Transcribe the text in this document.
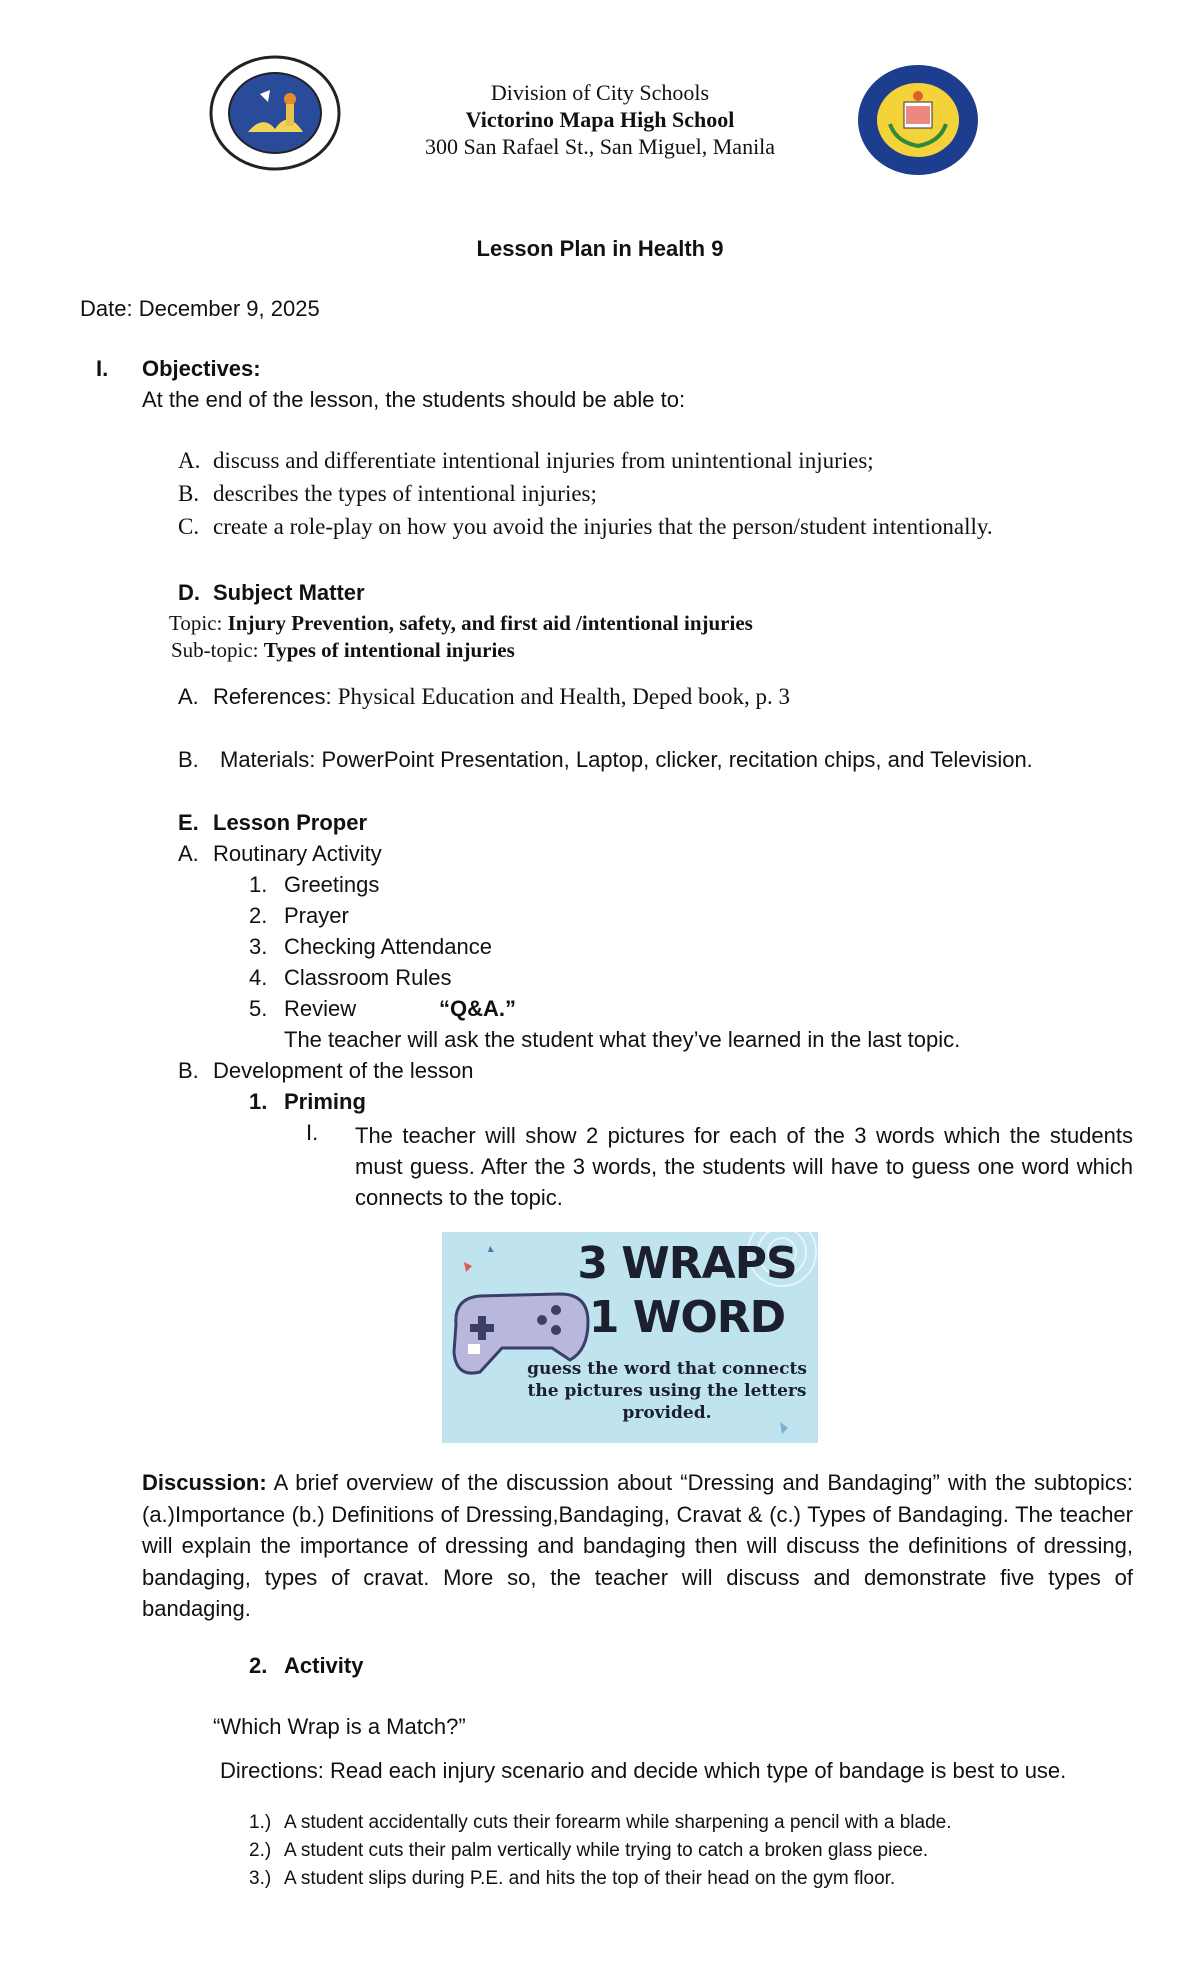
Division of City Schools
Victorino Mapa High School
300 San Rafael St., San Miguel, Manila
Lesson Plan in Health 9
Date: December 9, 2025
I. Objectives:
At the end of the lesson, the students should be able to:
A. discuss and differentiate intentional injuries from unintentional injuries;
B. describes the types of intentional injuries;
C. create a role-play on how you avoid the injuries that the person/student intentionally.
D. Subject Matter
Topic: Injury Prevention, safety, and first aid /intentional injuries
Sub-topic: Types of intentional injuries
A. References: Physical Education and Health, Deped book, p. 3
B. Materials: PowerPoint Presentation, Laptop, clicker, recitation chips, and Television.
E. Lesson Proper
A. Routinary Activity
1. Greetings
2. Prayer
3. Checking Attendance
4. Classroom Rules
5. Review	“Q&A.”
The teacher will ask the student what they’ve learned in the last topic.
B. Development of the lesson
1. Priming
I. The teacher will show 2 pictures for each of the 3 words which the students must guess. After the 3 words, the students will have to guess one word which connects to the topic.
3 WRAPS
1 WORD
guess the word that connects
the pictures using the letters
provided.
Discussion: A brief overview of the discussion about “Dressing and Bandaging” with the subtopics: (a.)Importance (b.) Definitions of Dressing,Bandaging, Cravat & (c.) Types of Bandaging. The teacher will explain the importance of dressing and bandaging then will discuss the definitions of dressing, bandaging, types of cravat. More so, the teacher will discuss and demonstrate five types of bandaging.
2. Activity
“Which Wrap is a Match?”
Directions: Read each injury scenario and decide which type of bandage is best to use.
1.) A student accidentally cuts their forearm while sharpening a pencil with a blade.
2.) A student cuts their palm vertically while trying to catch a broken glass piece.
3.) A student slips during P.E. and hits the top of their head on the gym floor.
